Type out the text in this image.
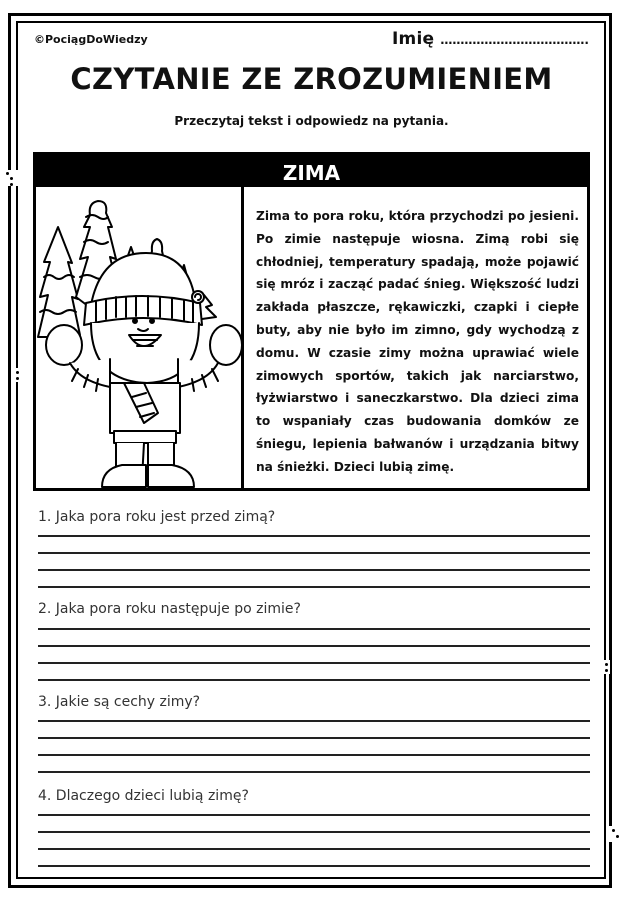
©PociągDoWiedzy	Imię ……………………………….
CZYTANIE ZE ZROZUMIENIEM
Przeczytaj tekst i odpowiedz na pytania.
ZIMA
Zima to pora roku, która przychodzi po jesieni. Po zimie następuje wiosna. Zimą robi się chłodniej, temperatury spadają, może pojawić się mróz i zacząć padać śnieg. Większość ludzi zakłada płaszcze, rękawiczki, czapki i ciepłe buty, aby nie było im zimno, gdy wychodzą z domu. W czasie zimy można uprawiać wiele zimowych sportów, takich jak narciarstwo, łyżwiarstwo i saneczkarstwo. Dla dzieci zima to wspaniały czas budowania domków ze śniegu, lepienia bałwanów i urządzania bitwy na śnieżki. Dzieci lubią zimę.
1. Jaka pora roku jest przed zimą?
2. Jaka pora roku następuje po zimie?
3. Jakie są cechy zimy?
4. Dlaczego dzieci lubią zimę?
